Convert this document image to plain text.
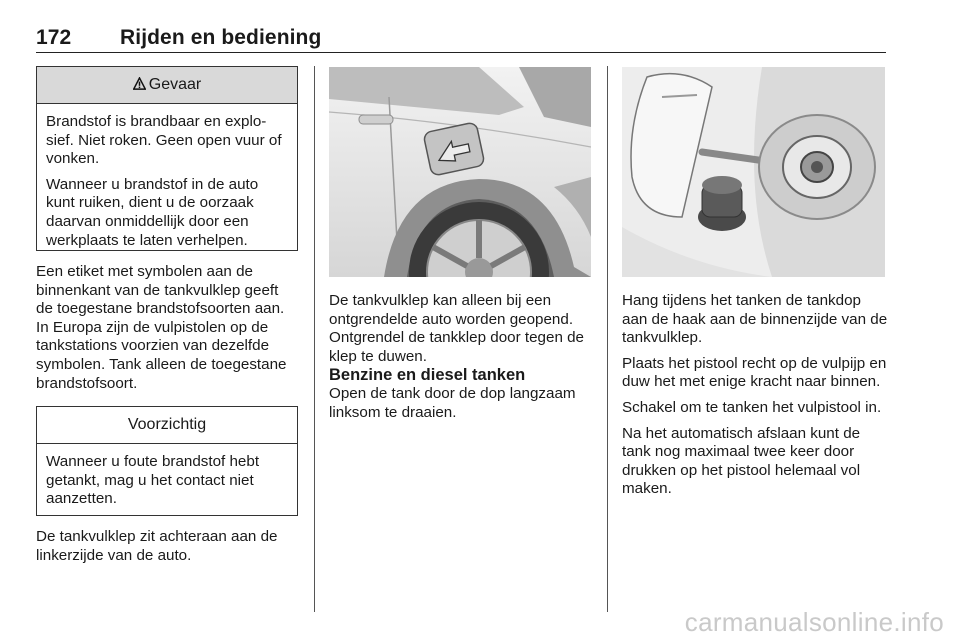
172 Rijden en bediening
Gevaar

Brandstof is brandbaar en explo-sief. Niet roken. Geen open vuur of vonken.

Wanneer u brandstof in de auto kunt ruiken, dient u de oorzaak daarvan onmiddellijk door een werkplaats te laten verhelpen.

Een etiket met symbolen aan de binnenkant van de tankvulklep geeft de toegestane brandstofsoorten aan. In Europa zijn de vulpistolen op de tankstations voorzien van dezelfde symbolen. Tank alleen de toegestane brandstofsoort.

Voorzichtig

Wanneer u foute brandstof hebt getankt, mag u het contact niet aanzetten.

De tankvulklep zit achteraan aan de linkerzijde van de auto.

De tankvulklep kan alleen bij een ontgrendelde auto worden geopend. Ontgrendel de tankklep door tegen de klep te duwen.

Benzine en diesel tanken

Open de tank door de dop langzaam linksom te draaien.

Hang tijdens het tanken de tankdop aan de haak aan de binnenzijde van de tankvulklep.

Plaats het pistool recht op de vulpijp en duw het met enige kracht naar binnen.

Schakel om te tanken het vulpistool in.

Na het automatisch afslaan kunt de tank nog maximaal twee keer door drukken op het pistool helemaal vol maken.

carmanualsonline.info
